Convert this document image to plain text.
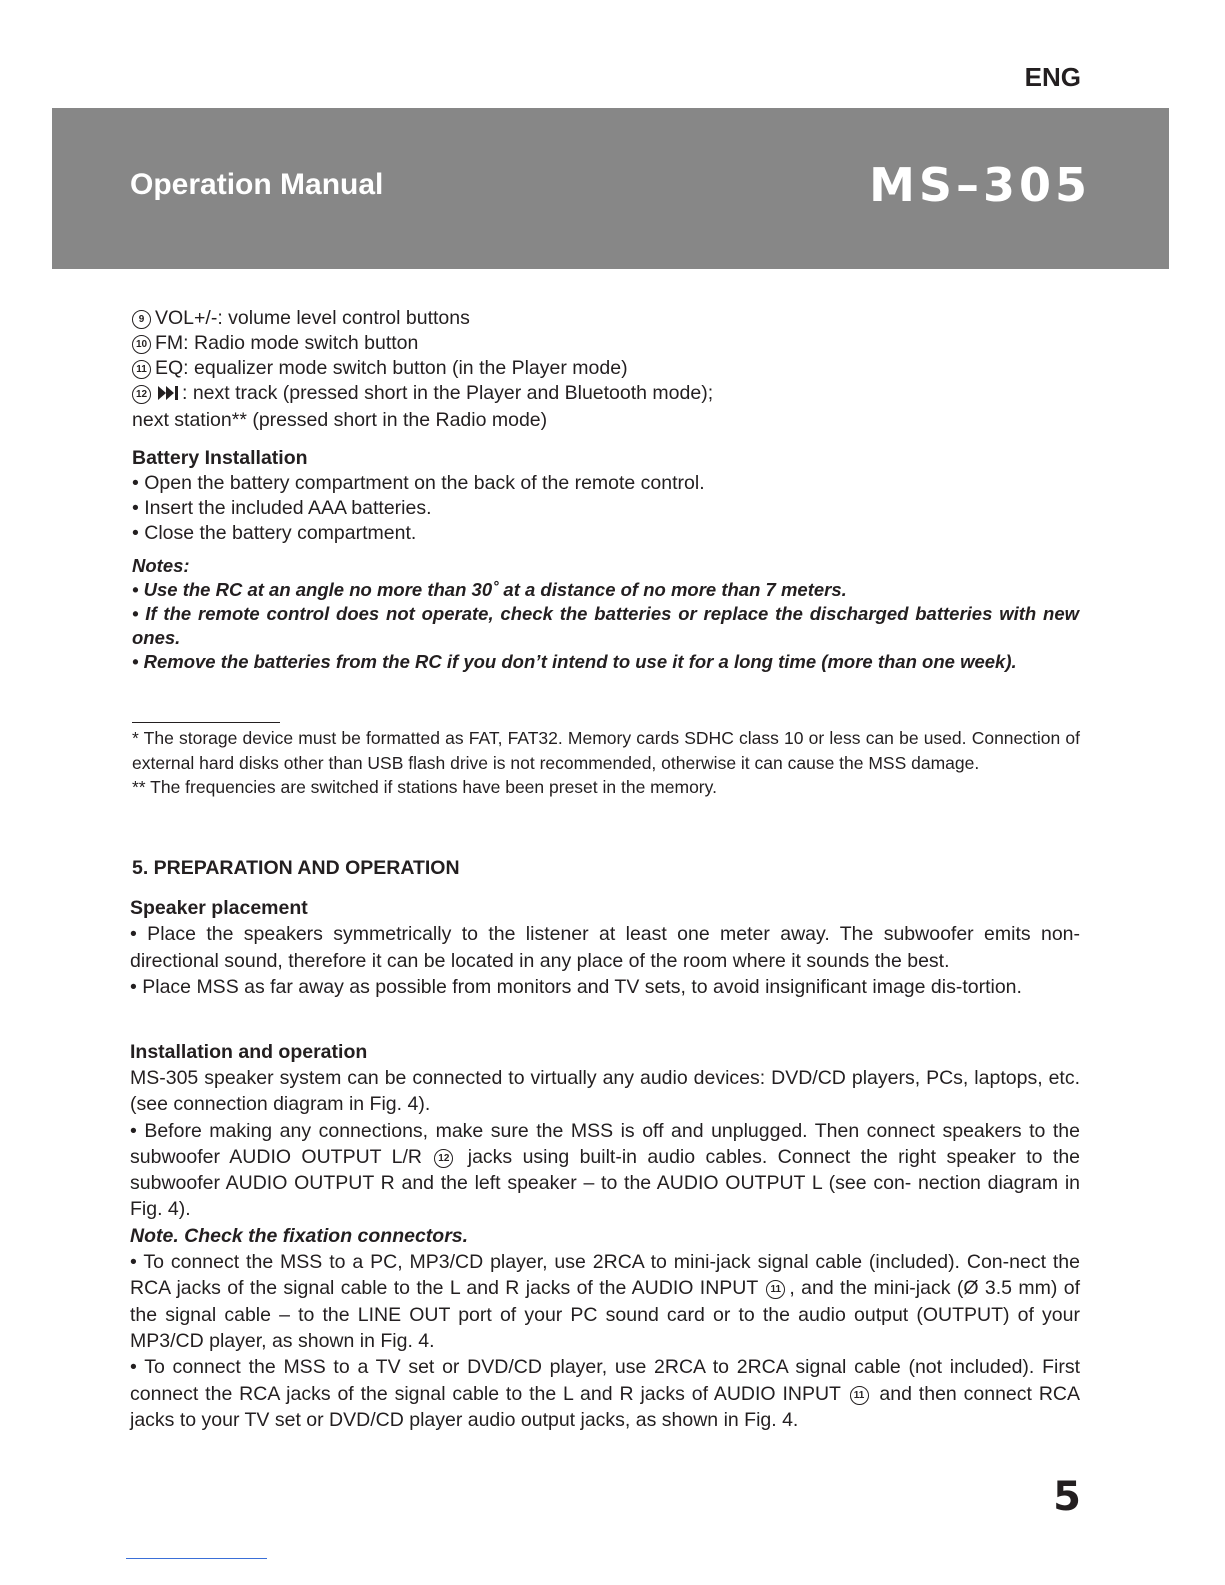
ENG
Operation Manual	MS–305

9 VOL+/-: volume level control buttons

10 FM: Radio mode switch button

11 EQ: equalizer mode switch button (in the Player mode)

12 : next track (pressed short in the Player and Bluetooth mode);

next station** (pressed short in the Radio mode)

Battery Installation

• Open the battery compartment on the back of the remote control.

• Insert the included AAA batteries.

• Close the battery compartment.

Notes:

• Use the RC at an angle no more than 30˚ at a distance of no more than 7 meters.

• If the remote control does not operate, check the batteries or replace the discharged batteries with new ones.

• Remove the batteries from the RC if you don’t intend to use it for a long time (more than one week).

* The storage device must be formatted as FAT, FAT32. Memory cards SDHC class 10 or less can be used. Connection of external hard disks other than USB flash drive is not recommended, otherwise it can cause the MSS damage.

** The frequencies are switched if stations have been preset in the memory.

5. PREPARATION AND OPERATION

Speaker placement

• Place the speakers symmetrically to the listener at least one meter away. The subwoofer emits non-directional sound, therefore it can be located in any place of the room where it sounds the best.

• Place MSS as far away as possible from monitors and TV sets, to avoid insignificant image dis-tortion.

Installation and operation

MS-305 speaker system can be connected to virtually any audio devices: DVD/CD players, PCs, laptops, etc. (see connection diagram in Fig. 4).

• Before making any connections, make sure the MSS is off and unplugged. Then connect speakers to the subwoofer AUDIO OUTPUT L/R 12 jacks using built-in audio cables. Connect the right speaker to the subwoofer AUDIO OUTPUT R and the left speaker – to the AUDIO OUTPUT L (see con- nection diagram in Fig. 4).

Note. Check the fixation connectors.

• To connect the MSS to a PC, MP3/CD player, use 2RCA to mini-jack signal cable (included). Con-nect the RCA jacks of the signal cable to the L and R jacks of the AUDIO INPUT 11 , and the mini-jack (Ø 3.5 mm) of the signal cable – to the LINE OUT port of your PC sound card or to the audio output (OUTPUT) of your MP3/CD player, as shown in Fig. 4.

• To connect the MSS to a TV set or DVD/CD player, use 2RCA to 2RCA signal cable (not included). First connect the RCA jacks of the signal cable to the L and R jacks of AUDIO INPUT 11 and then connect RCA jacks to your TV set or DVD/CD player audio output jacks, as shown in Fig. 4.

5
